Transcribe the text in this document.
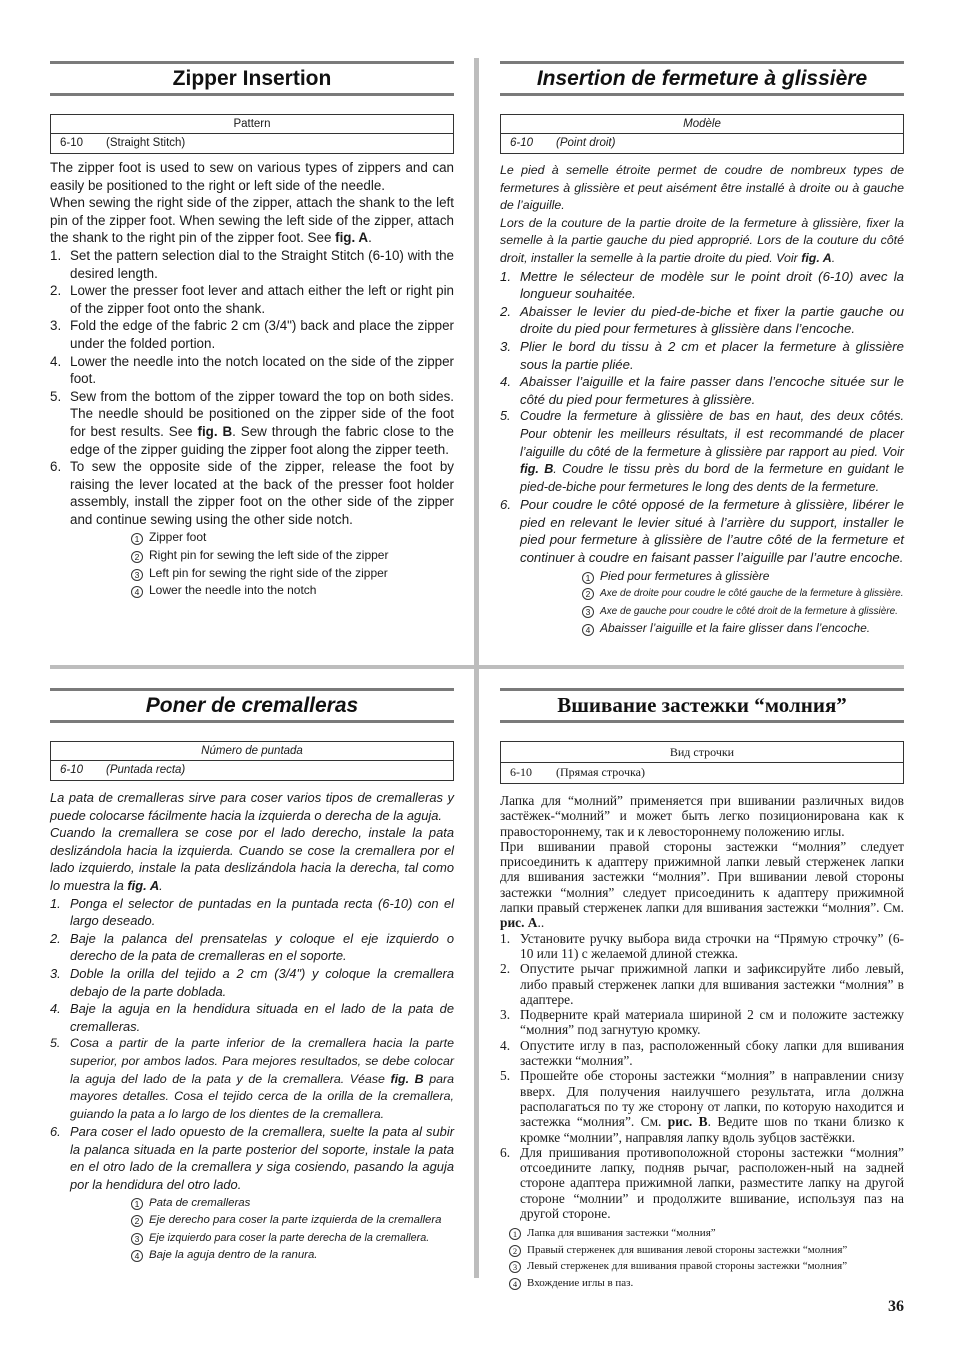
Zipper Insertion
Pattern
6-10 (Straight Stitch)

The zipper foot is used to sew on various types of zippers and can easily be positioned to the right or left side of the needle.

When sewing the right side of the zipper, attach the shank to the left pin of the zipper foot. When sewing the left side of the zipper, attach the shank to the right pin of the zipper foot. See fig. A.

1. Set the pattern selection dial to the Straight Stitch (6-10) with the desired length.
2. Lower the presser foot lever and attach either the left or right pin of the zipper foot onto the shank.
3. Fold the edge of the fabric 2 cm (3/4") back and place the zipper under the folded portion.
4. Lower the needle into the notch located on the side of the zipper foot.
5. Sew from the bottom of the zipper toward the top on both sides. The needle should be positioned on the zipper side of the foot for best results. See fig. B. Sew through the fabric close to the edge of the zipper guiding the zipper foot along the zipper teeth.
6. To sew the opposite side of the zipper, release the foot by raising the lever located at the back of the presser foot holder assembly, install the zipper foot on the other side of the zipper and continue sewing using the other side notch.
1 Zipper foot
2 Right pin for sewing the left side of the zipper
3 Left pin for sewing the right side of the zipper
4 Lower the needle into the notch
Insertion de fermeture à glissière
Modèle
6-10 (Point droit)

Le pied à semelle étroite permet de coudre de nombreux types de fermetures à glissière et peut aisément être installé à droite ou à gauche de l’aiguille.

Lors de la couture de la partie droite de la fermeture à glissière, fixer la semelle à la partie gauche du pied approprié. Lors de la couture du côté droit, installer la semelle à la partie droite du pied. Voir fig. A.

1. Mettre le sélecteur de modèle sur le point droit (6-10) avec la longueur souhaitée.
2. Abaisser le levier du pied-de-biche et fixer la partie gauche ou droite du pied pour fermetures à glissière dans l’encoche.
3. Plier le bord du tissu à 2 cm et placer la fermeture à glissière sous la partie pliée.
4. Abaisser l’aiguille et la faire passer dans l’encoche située sur le côté du pied pour fermetures à glissière.
5. Coudre la fermeture à glissière de bas en haut, des deux côtés. Pour obtenir les meilleurs résultats, il est recommandé de placer l’aiguille du côté de la fermeture à glissière par rapport au pied. Voir fig. B. Coudre le tissu près du bord de la fermeture en guidant le pied-de-biche pour fermetures le long des dents de la fermeture.
6. Pour coudre le côté opposé de la fermeture à glissière, libérer le pied en relevant le levier situé à l’arrière du support, installer le pied pour fermeture à glissière de l’autre côté de la fermeture et continuer à coudre en faisant passer l’aiguille par l’autre encoche.
1 Pied pour fermetures à glissière
2 Axe de droite pour coudre le côté gauche de la fermeture à glissière.
3 Axe de gauche pour coudre le côté droit de la fermeture à glissière.
4 Abaisser l’aiguille et la faire glisser dans l’encoche.
Poner de cremalleras
Número de puntada
6-10 (Puntada recta)

La pata de cremalleras sirve para coser varios tipos de cremalleras y puede colocarse fácilmente hacia la izquierda o derecha de la aguja.

Cuando la cremallera se cose por el lado derecho, instale la pata deslizándola hacia la izquierda. Cuando se cose la cremallera por el lado izquierdo, instale la pata deslizándola hacia la derecha, tal como lo muestra la fig. A.

1. Ponga el selector de puntadas en la puntada recta (6-10) con el largo deseado.
2. Baje la palanca del prensatelas y coloque el eje izquierdo o derecho de la pata de cremalleras en el soporte.
3. Doble la orilla del tejido a 2 cm (3/4") y coloque la cremallera debajo de la parte doblada.
4. Baje la aguja en la hendidura situada en el lado de la pata de cremalleras.
5. Cosa a partir de la parte inferior de la cremallera hacia la parte superior, por ambos lados. Para mejores resultados, se debe colocar la aguja del lado de la pata y de la cremallera. Véase fig. B para mayores detalles. Cosa el tejido cerca de la orilla de la cremallera, guiando la pata a lo largo de los dientes de la cremallera.
6. Para coser el lado opuesto de la cremallera, suelte la pata al subir la palanca situada en la parte posterior del soporte, instale la pata en el otro lado de la cremallera y siga cosiendo, pasando la aguja por la hendidura del otro lado.
1 Pata de cremalleras
2 Eje derecho para coser la parte izquierda de la cremallera
3 Eje izquierdo para coser la parte derecha de la cremallera.
4 Baje la aguja dentro de la ranura.
Вшивание застежки “молния”
Вид строчки
6-10 (Прямая строчка)

Лапка для “молний” применяется при вшивании различных видов застёжек-“молний” и может быть легко позиционирована как к правостороннему, так и к левостороннему положению иглы.

При вшивании правой стороны застежки “молния” следует присоединить к адаптеру прижимной лапки левый стерженек лапки для вшивания застежки “молния”. При вшивании левой стороны застежки “молния” следует присоединить к адаптеру прижимной лапки правый стерженек лапки для вшивания застежки “молния”. См. рис. А..

1. Установите ручку выбора вида строчки на “Прямую строчку” (6-10 или 11) с желаемой длиной стежка.
2. Опустите рычаг прижимной лапки и зафиксируйте либо левый, либо правый стерженек лапки для вшивания застежки “молния” в адаптере.
3. Подверните край материала шириной 2 см и положите застежку “молния” под загнутую кромку.
4. Опустите иглу в паз, расположенный сбоку лапки для вшивания застежки “молния”.
5. Прошейте обе стороны застежки “молния” в направлении снизу вверх. Для получения наилучшего результата, игла должна располагаться по ту же сторону от лапки, по которую находится и застежка “молния”. См. рис. В. Ведите шов по ткани близко к кромке “молнии”, направляя лапку вдоль зубцов застёжки.
6. Для пришивания противоположной стороны застежки “молния” отсоедините лапку, подняв рычаг, расположен-ный на задней стороне адаптера прижимной лапки, разместите лапку на другой стороне “молнии” и продолжите вшивание, используя паз на другой стороне.
1 Лапка для вшивания застежки “молния”
2 Правый стерженек для вшивания левой стороны застежки “молния”
3 Левый стерженек для вшивания правой стороны застежки “молния”
4 Вхождение иглы в паз.
36
